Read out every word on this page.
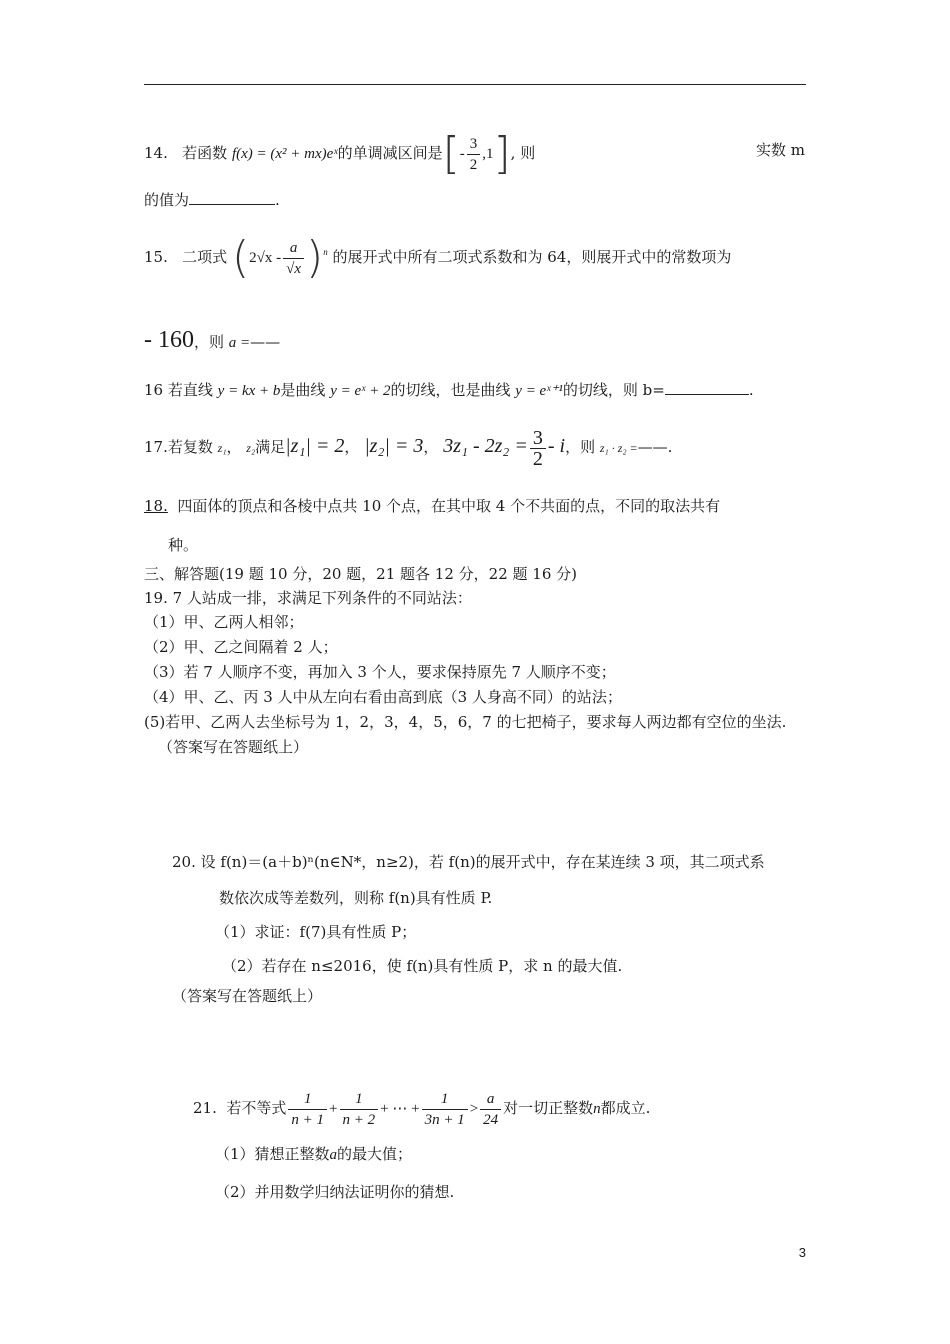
14. 若函数 f(x) = (x² + mx)eˣ的单调减区间是[- $\frac{3}{2} ,1$], 则	实数 m
的值为	.
15. 二项式 $(2√x - \frac{a}{√x} )^n$ 的展开式中所有二项式系数和为 64，则展开式中的常数项为
- 160，则 a =——
16 若直线 y = kx + b是曲线 y = eˣ + 2的切线，也是曲线 y = eˣ⁺¹的切线，则 b=	.
17.若复数 z₁， z₂满足|z₁| = 2， |z₂| = 3， $3z_1 - 2z_2 = \frac{3}{2} - i$，则 z₁ · z₂ =——.
18. 四面体的顶点和各棱中点共 10 个点，在其中取 4 个不共面的点，不同的取法共有
种。
三、解答题(19 题 10 分，20 题，21 题各 12 分，22 题 16 分)
19. 7 人站成一排，求满足下列条件的不同站法：
（1）甲、乙两人相邻；
（2）甲、乙之间隔着 2 人；
（3）若 7 人顺序不变，再加入 3 个人，要求保持原先 7 人顺序不变；
（4）甲、乙、丙 3 人中从左向右看由高到底（3 人身高不同）的站法；
(5)若甲、乙两人去坐标号为 1，2，3，4，5，6，7 的七把椅子，要求每人两边都有空位的坐法.
（答案写在答题纸上）
20. 设 f(n)＝(a＋b)ⁿ(n∈N*，n≥2)，若 f(n)的展开式中，存在某连续 3 项，其二项式系
数依次成等差数列，则称 f(n)具有性质 P.
（1）求证：f(7)具有性质 P；
（2）若存在 n≤2016，使 f(n)具有性质 P，求 n 的最大值.
（答案写在答题纸上）
21. 若不等式 $\frac{1}{n + 1} + \frac{1}{n + 2}$ + ⋯ + $\frac{1}{3n + 1} > \frac{a}{24}$ 对一切正整数n都成立.
（1）猜想正整数a的最大值；
（2）并用数学归纳法证明你的猜想.
3
